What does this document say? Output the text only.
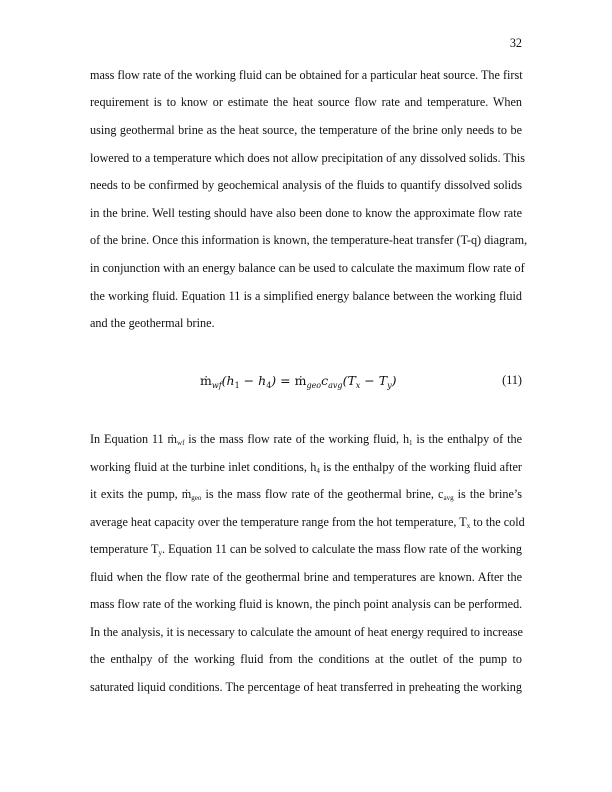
32
mass flow rate of the working fluid can be obtained for a particular heat source. The first
requirement is to know or estimate the heat source flow rate and temperature. When
using geothermal brine as the heat source, the temperature of the brine only needs to be
lowered to a temperature which does not allow precipitation of any dissolved solids. This
needs to be confirmed by geochemical analysis of the fluids to quantify dissolved solids
in the brine. Well testing should have also been done to know the approximate flow rate
of the brine. Once this information is known, the temperature-heat transfer (T-q) diagram,
in conjunction with an energy balance can be used to calculate the maximum flow rate of
the working fluid. Equation 11 is a simplified energy balance between the working fluid
and the geothermal brine.
$ṁ_{wf}(h_1 - h_4)$ = $ṁ_{geo}c_{avg}(T_x - T_y)$	(11)
In Equation 11 ṁwf is the mass flow rate of the working fluid, h1 is the enthalpy of the
working fluid at the turbine inlet conditions, h4 is the enthalpy of the working fluid after
it exits the pump, ṁgeo is the mass flow rate of the geothermal brine, cavg is the brine’s
average heat capacity over the temperature range from the hot temperature, Tx to the cold
temperature Ty. Equation 11 can be solved to calculate the mass flow rate of the working
fluid when the flow rate of the geothermal brine and temperatures are known. After the
mass flow rate of the working fluid is known, the pinch point analysis can be performed.
In the analysis, it is necessary to calculate the amount of heat energy required to increase
the enthalpy of the working fluid from the conditions at the outlet of the pump to
saturated liquid conditions. The percentage of heat transferred in preheating the working
